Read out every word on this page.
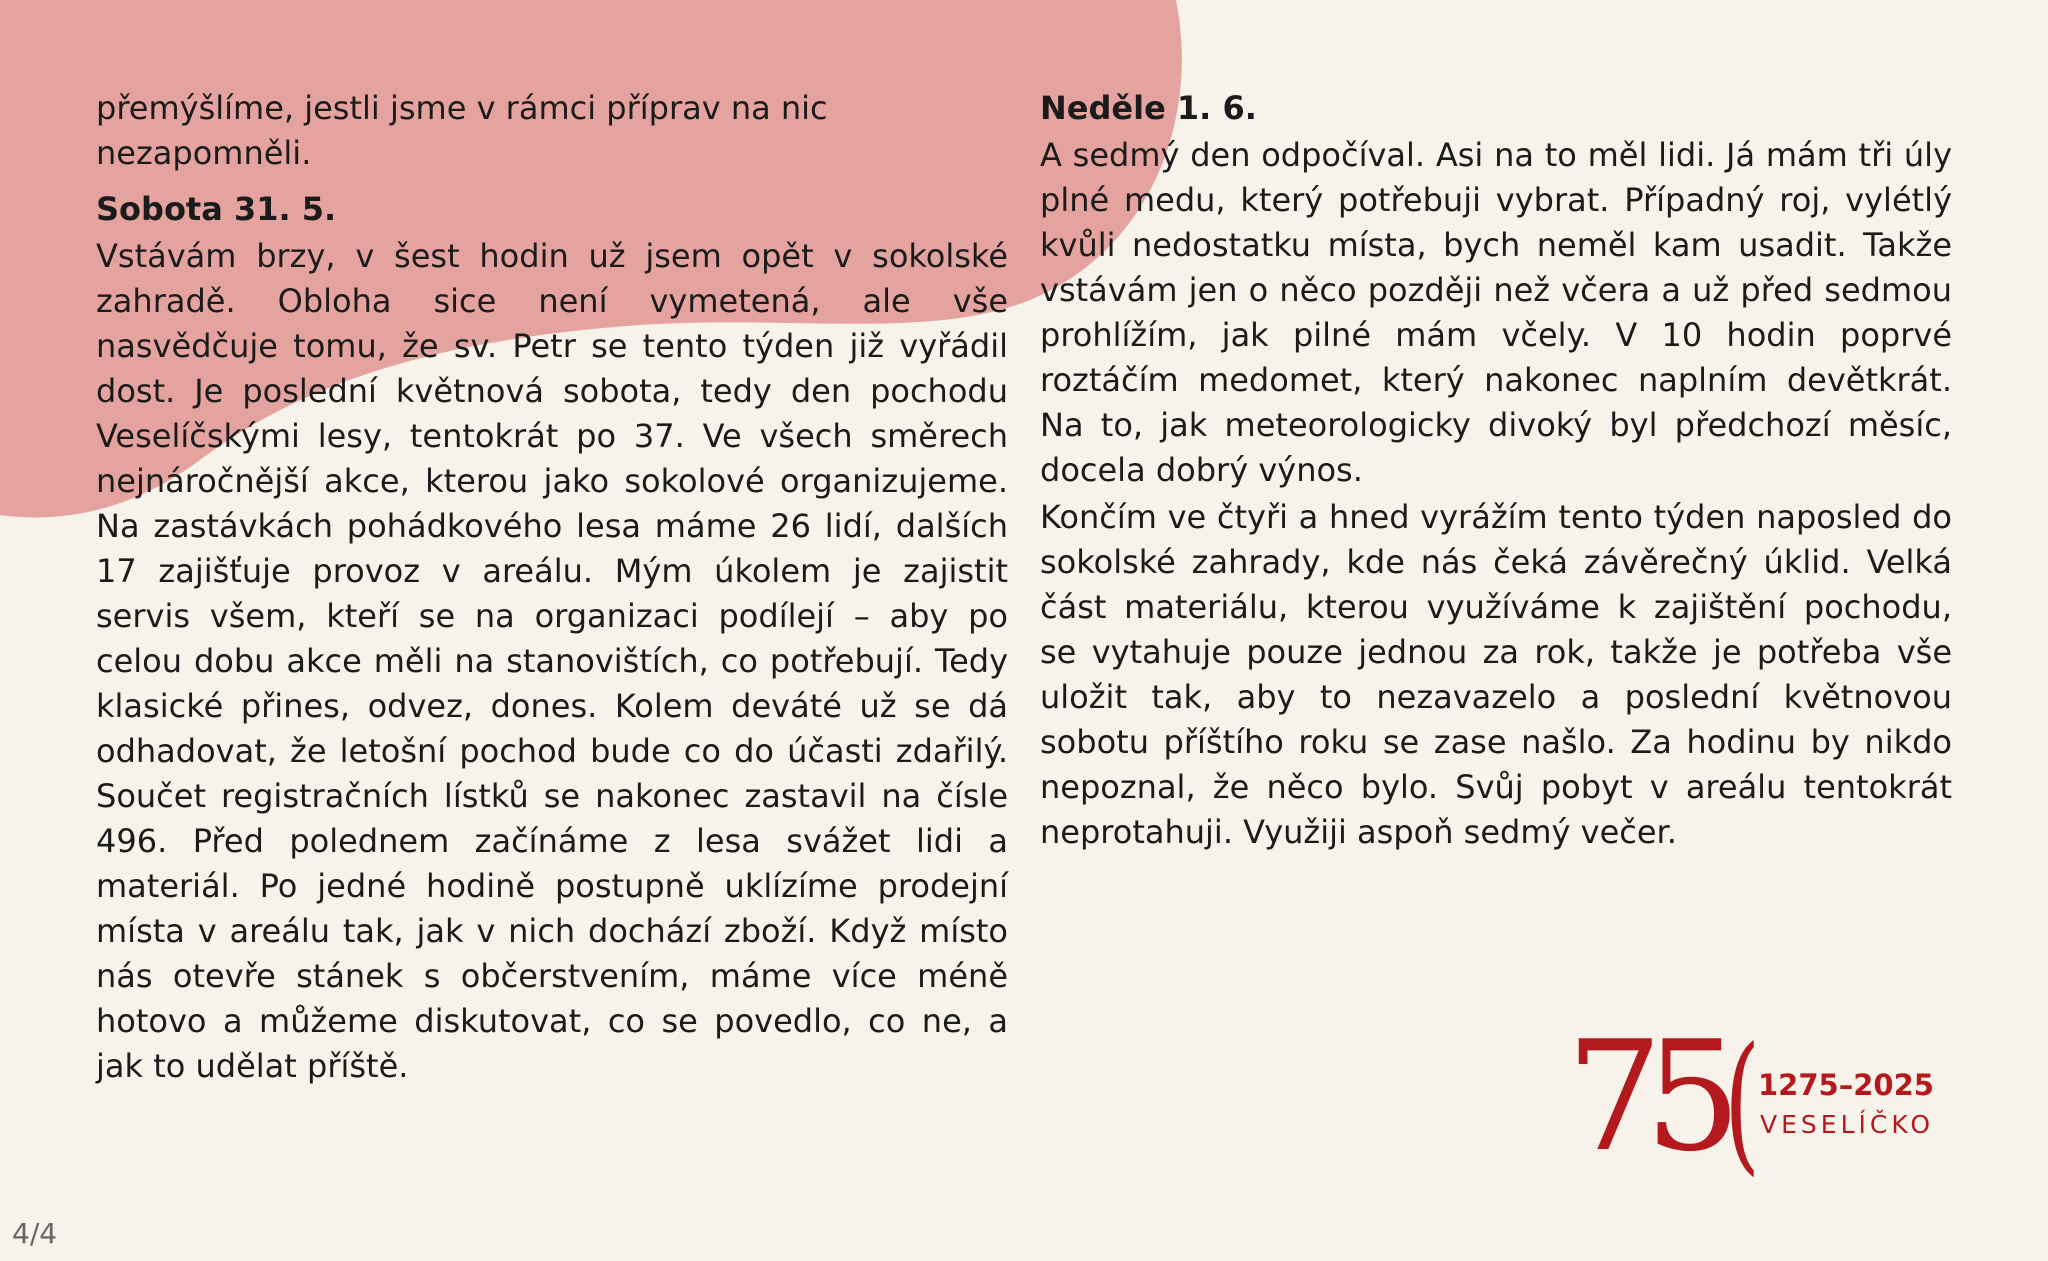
přemýšlíme, jestli jsme v rámci příprav na nic nezapomněli.

Sobota 31. 5.

Vstávám brzy, v šest hodin už jsem opět v sokolské zahradě. Obloha sice není vymetená, ale vše nasvědčuje tomu, že sv. Petr se tento týden již vyřádil dost. Je poslední květnová sobota, tedy den pochodu Veselíčskými lesy, tentokrát po 37. Ve všech směrech nejnáročnější akce, kterou jako sokolové organizujeme. Na zastávkách pohádkového lesa máme 26 lidí, dalších 17 zajišťuje provoz v areálu. Mým úkolem je zajistit servis všem, kteří se na organizaci podílejí – aby po celou dobu akce měli na stanovištích, co potřebují. Tedy klasické přines, odvez, dones. Kolem deváté už se dá odhadovat, že letošní pochod bude co do účasti zdařilý. Součet registračních lístků se nakonec zastavil na čísle 496. Před polednem začínáme z lesa svážet lidi a materiál. Po jedné hodině postupně uklízíme prodejní místa v areálu tak, jak v nich dochází zboží. Když místo nás otevře stánek s občerstvením, máme více méně hotovo a můžeme diskutovat, co se povedlo, co ne, a jak to udělat příště.

Neděle 1. 6.

A sedmý den odpočíval. Asi na to měl lidi. Já mám tři úly plné medu, který potřebuji vybrat. Případný roj, vylétlý kvůli nedostatku místa, bych neměl kam usadit. Takže vstávám jen o něco později než včera a už před sedmou prohlížím, jak pilné mám včely. V 10 hodin poprvé roztáčím medomet, který nakonec naplním devětkrát. Na to, jak meteorologicky divoký byl předchozí měsíc, docela dobrý výnos.

Končím ve čtyři a hned vyrážím tento týden naposled do sokolské zahrady, kde nás čeká závěrečný úklid. Velká část materiálu, kterou využíváme k zajištění pochodu, se vytahuje pouze jednou za rok, takže je potřeba vše uložit tak, aby to nezavazelo a poslední květnovou sobotu příštího roku se zase našlo. Za hodinu by nikdo nepoznal, že něco bylo. Svůj pobyt v areálu tentokrát neprotahuji. Využiji aspoň sedmý večer.

75 (
1275–2025
VESELÍČKO
4/4
